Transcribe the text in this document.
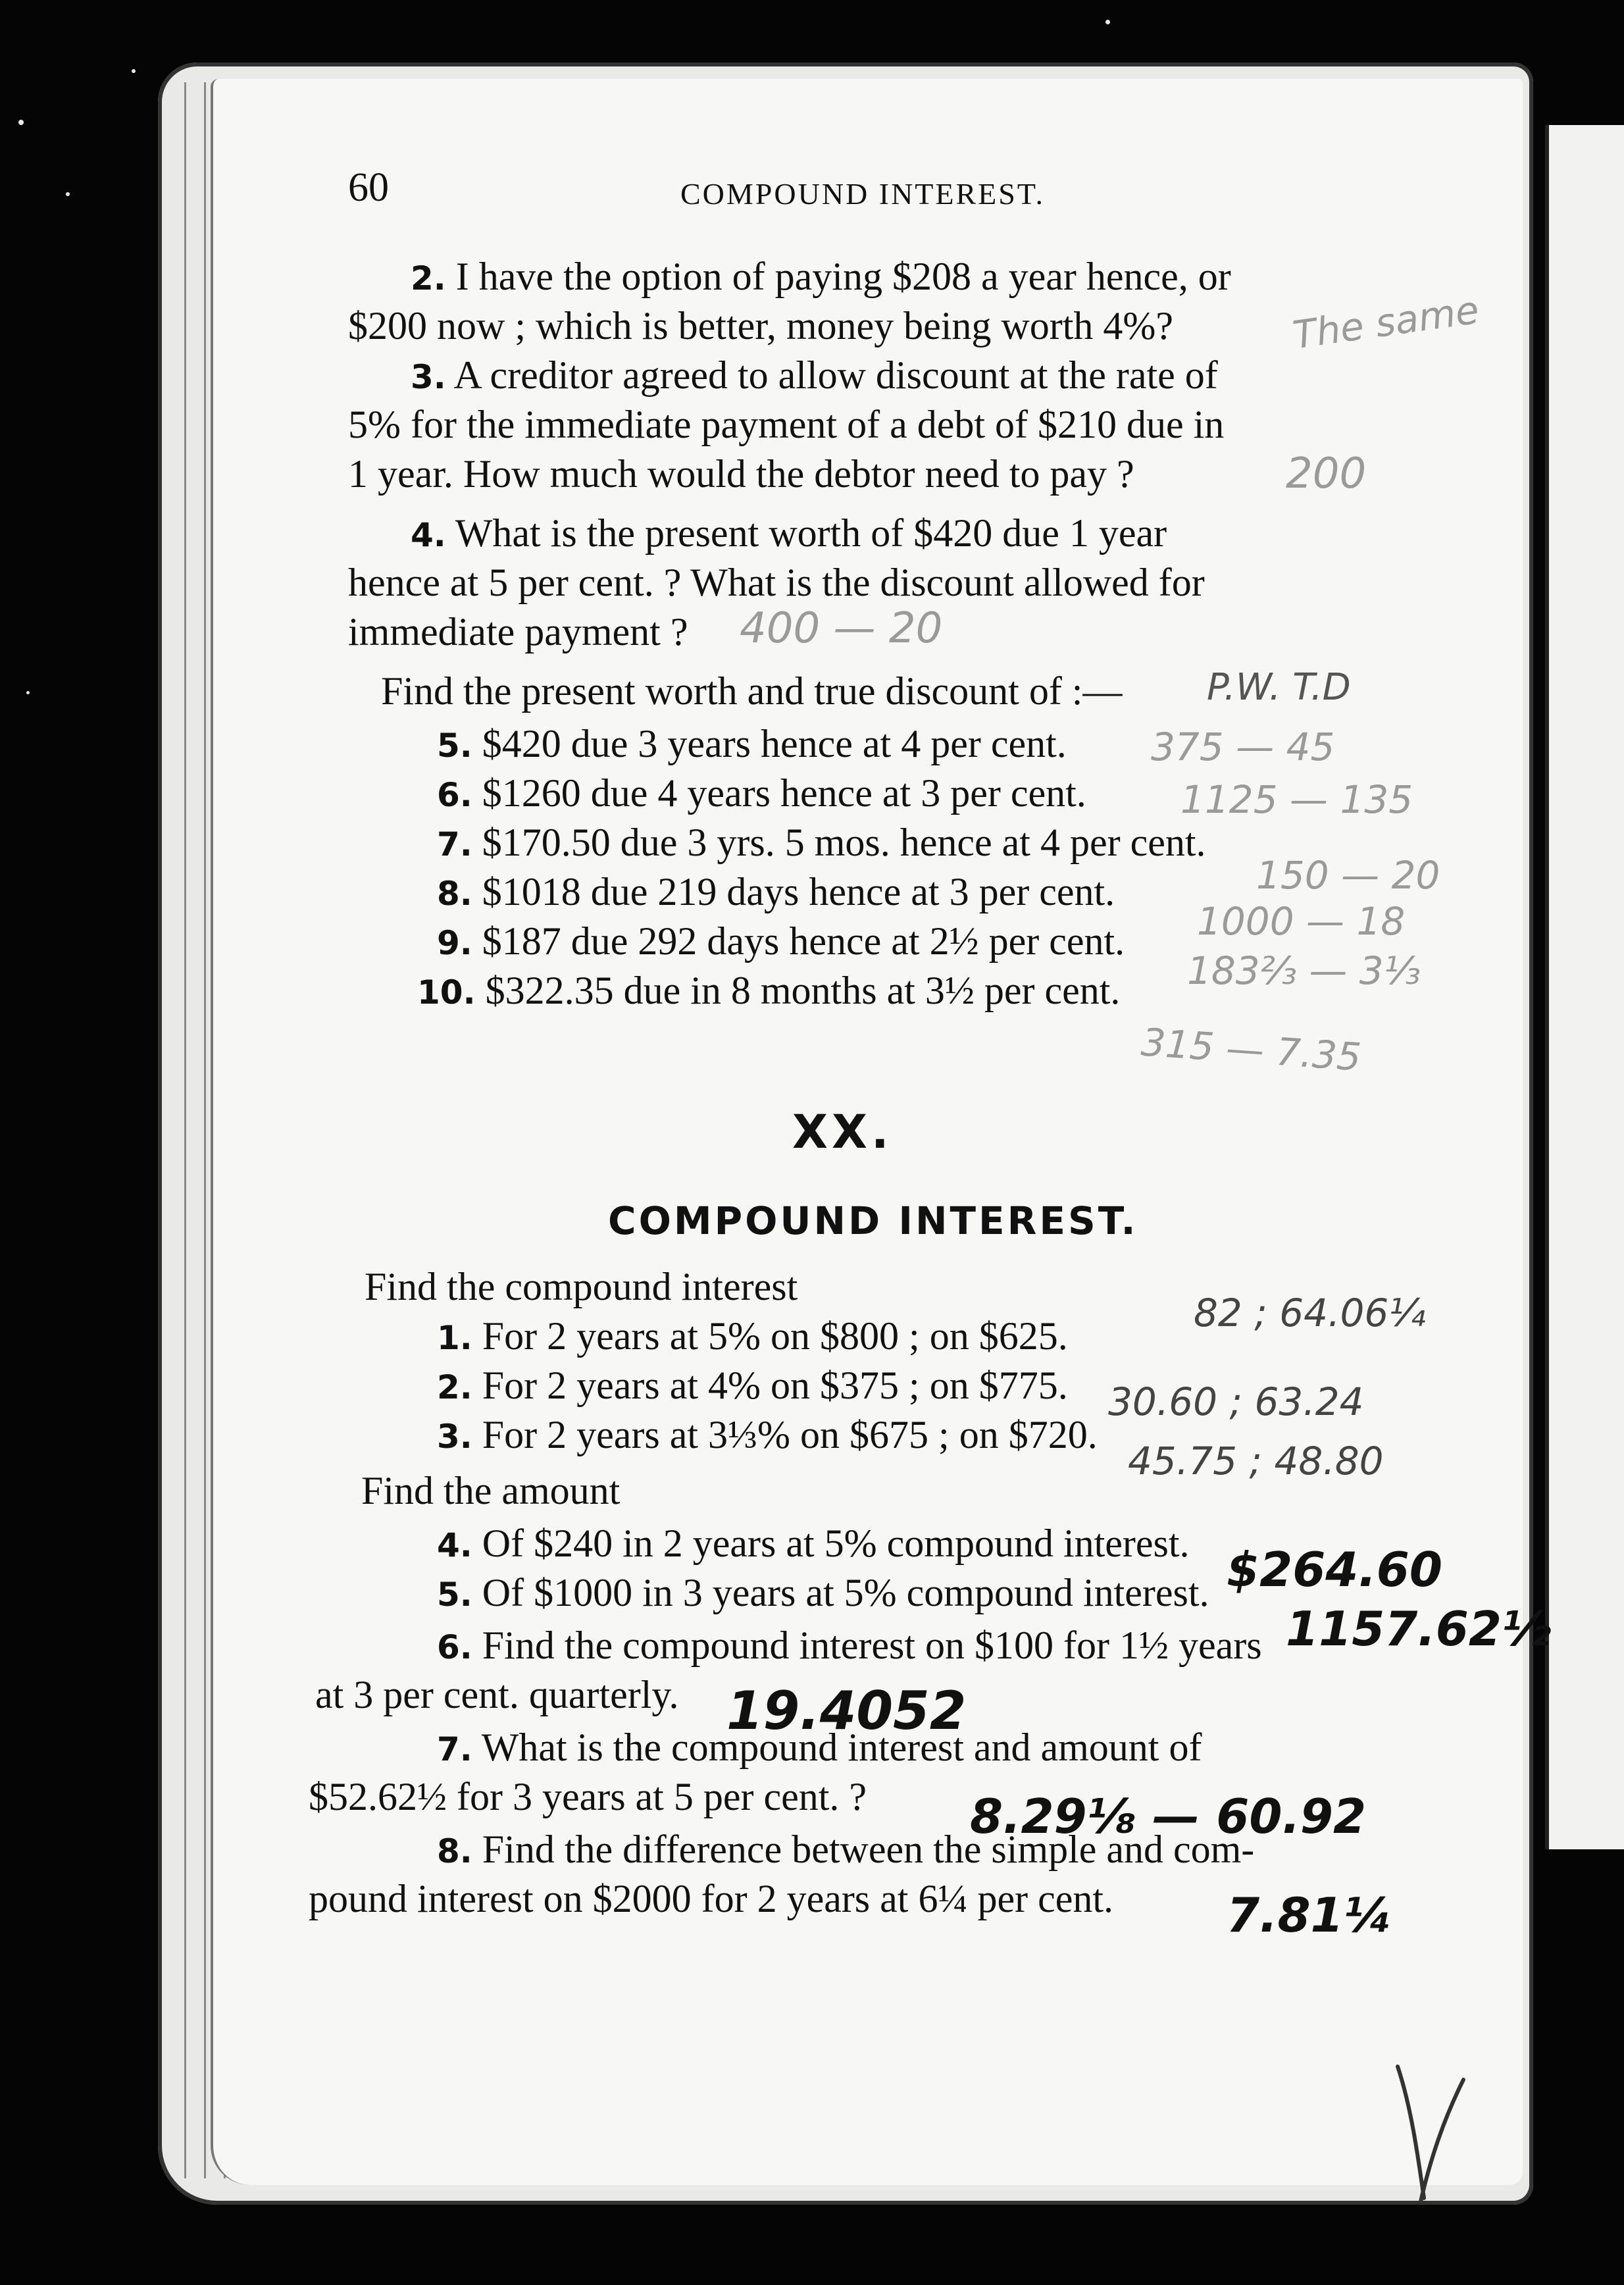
60	COMPOUND INTEREST.
2. I have the option of paying $208 a year hence, or
$200 now ; which is better, money being worth 4%?
3. A creditor agreed to allow discount at the rate of
5% for the immediate payment of a debt of $210 due in
1 year. How much would the debtor need to pay ?
4. What is the present worth of $420 due 1 year
hence at 5 per cent. ? What is the discount allowed for
immediate payment ?
Find the present worth and true discount of :—
5. $420 due 3 years hence at 4 per cent.
6. $1260 due 4 years hence at 3 per cent.
7. $170.50 due 3 yrs. 5 mos. hence at 4 per cent.
8. $1018 due 219 days hence at 3 per cent.
9. $187 due 292 days hence at 2½ per cent.
10. $322.35 due in 8 months at 3½ per cent.
XX.
COMPOUND INTEREST.
Find the compound interest
1. For 2 years at 5% on $800 ; on $625.
2. For 2 years at 4% on $375 ; on $775.
3. For 2 years at 3⅓% on $675 ; on $720.
Find the amount
4. Of $240 in 2 years at 5% compound interest.
5. Of $1000 in 3 years at 5% compound interest.
6. Find the compound interest on $100 for 1½ years
at 3 per cent. quarterly.
7. What is the compound interest and amount of
$52.62½ for 3 years at 5 per cent. ?
8. Find the difference between the simple and com-
pound interest on $2000 for 2 years at 6¼ per cent.
The same
200
400 — 20
P.W. T.D
375 — 45
1125 — 135
150 — 20
1000 — 18
183⅔ — 3⅓
315 — 7.35
82 ; 64.06¼
30.60 ; 63.24
45.75 ; 48.80
$264.60
1157.62½
19.4052
8.29⅛ — 60.92
7.81¼
